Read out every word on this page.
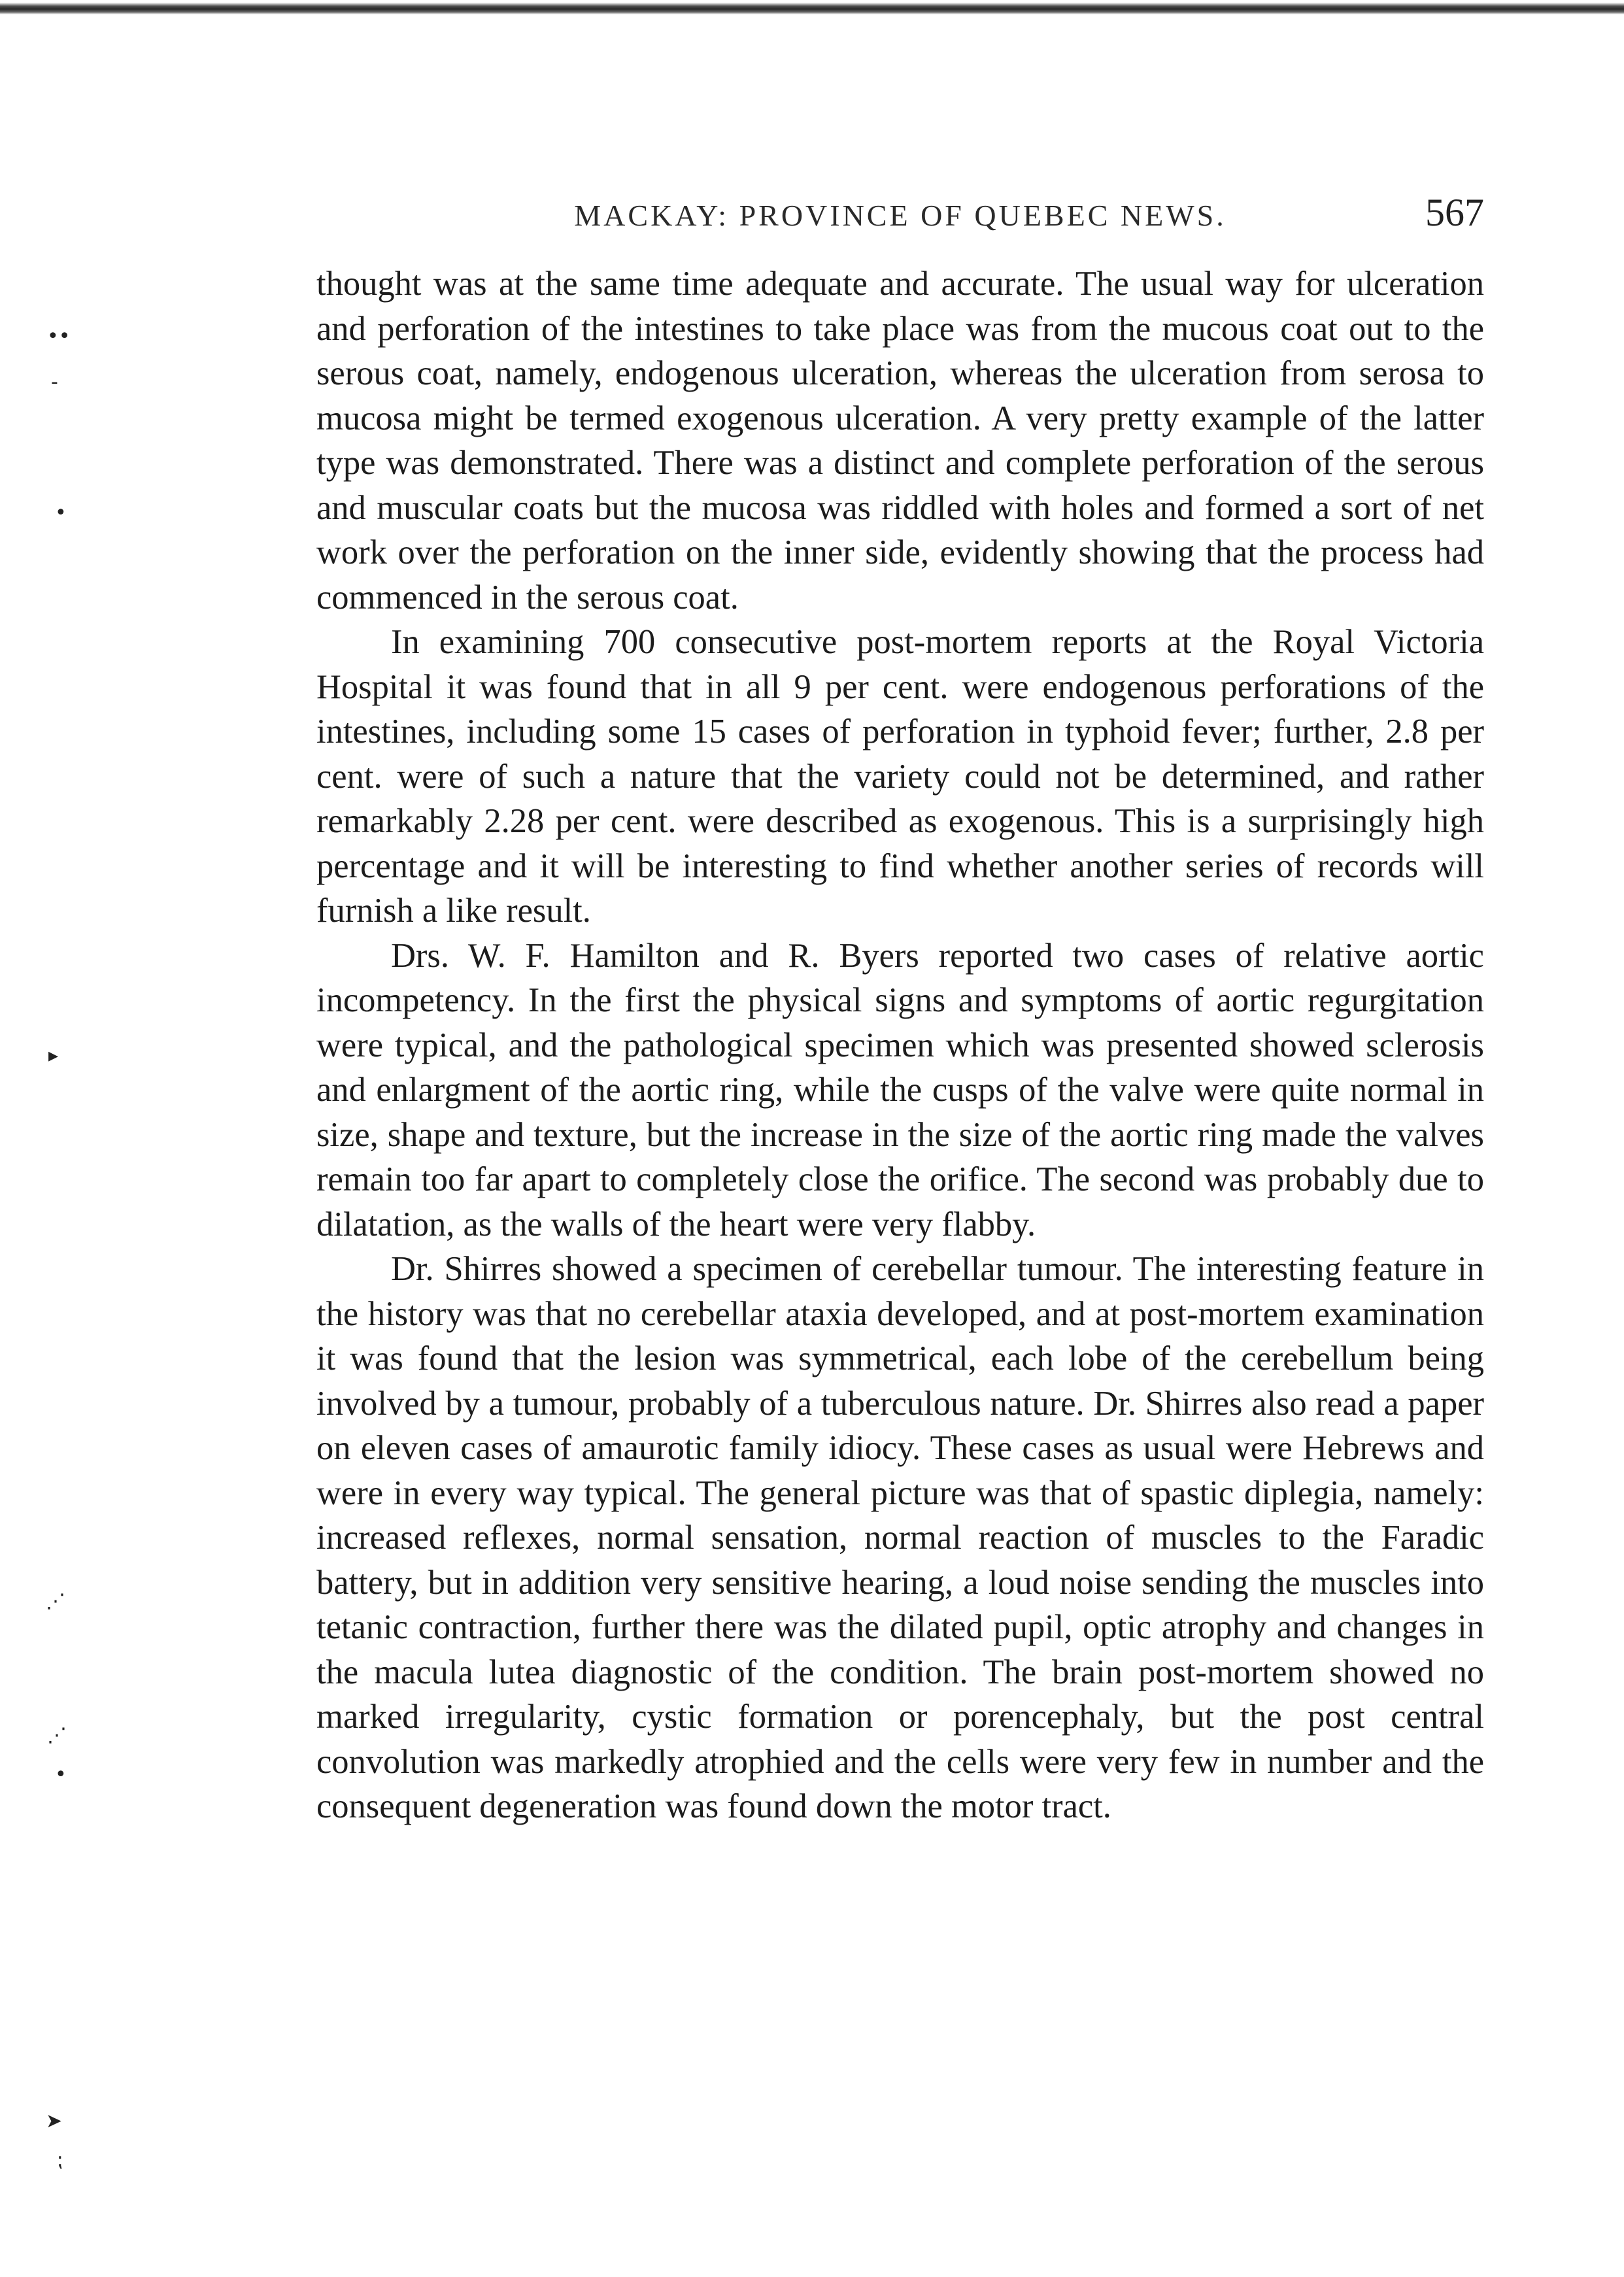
••
-
•
▸
⋰
⋰
•
➤
⁏
MACKAY: PROVINCE OF QUEBEC NEWS.	567

thought was at the same time adequate and accurate. The usual way for ulceration and perforation of the intestines to take place was from the mucous coat out to the serous coat, namely, endogenous ulceration, whereas the ulceration from serosa to mucosa might be termed exogenous ulceration. A very pretty example of the latter type was demonstrated. There was a distinct and complete perforation of the serous and muscular coats but the mucosa was riddled with holes and formed a sort of net work over the perforation on the inner side, evidently showing that the process had commenced in the serous coat.

In examining 700 consecutive post-mortem reports at the Royal Victoria Hospital it was found that in all 9 per cent. were endogenous perforations of the intestines, including some 15 cases of perforation in typhoid fever; further, 2.8 per cent. were of such a nature that the variety could not be determined, and rather remarkably 2.28 per cent. were described as exogenous. This is a surprisingly high percentage and it will be interesting to find whether another series of records will furnish a like result.

Drs. W. F. Hamilton and R. Byers reported two cases of relative aortic incompetency. In the first the physical signs and symptoms of aortic regurgitation were typical, and the pathological specimen which was presented showed sclerosis and enlargment of the aortic ring, while the cusps of the valve were quite normal in size, shape and texture, but the increase in the size of the aortic ring made the valves remain too far apart to completely close the orifice. The second was probably due to dilatation, as the walls of the heart were very flabby.

Dr. Shirres showed a specimen of cerebellar tumour. The interesting feature in the history was that no cerebellar ataxia developed, and at post-mortem examination it was found that the lesion was symmetrical, each lobe of the cerebellum being involved by a tumour, probably of a tuberculous nature. Dr. Shirres also read a paper on eleven cases of amaurotic family idiocy. These cases as usual were Hebrews and were in every way typical. The general picture was that of spastic diplegia, namely: increased reflexes, normal sensation, normal reaction of muscles to the Faradic battery, but in addition very sensitive hearing, a loud noise sending the muscles into tetanic contraction, further there was the dilated pupil, optic atrophy and changes in the macula lutea diagnostic of the condition. The brain post-mortem showed no marked irregularity, cystic formation or porencephaly, but the post central convolution was markedly atrophied and the cells were very few in number and the consequent degeneration was found down the motor tract.
